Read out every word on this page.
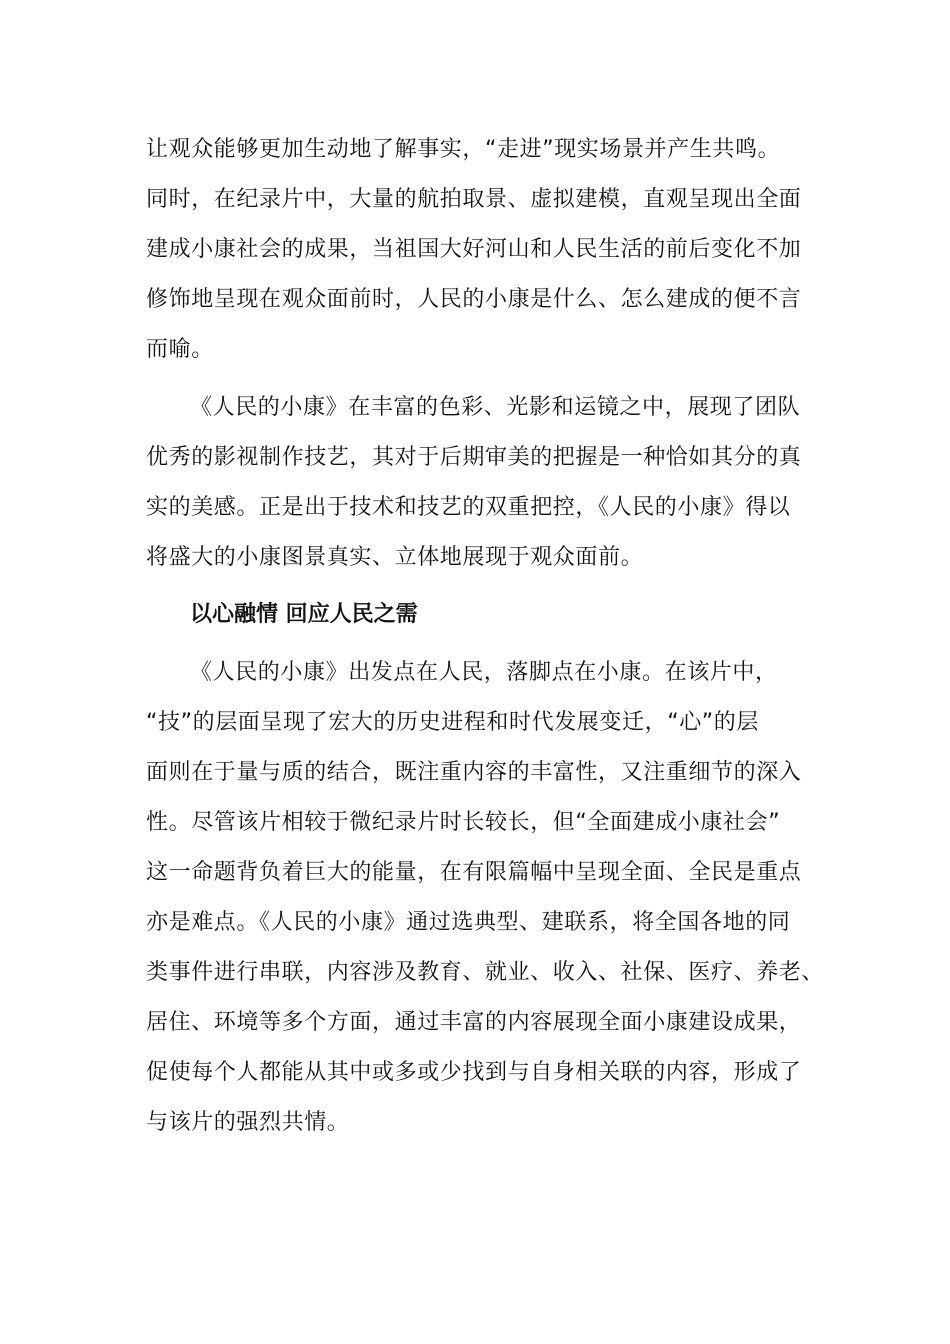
让观众能够更加生动地了解事实，“走进”现实场景并产生共鸣。
同时，在纪录片中，大量的航拍取景、虚拟建模，直观呈现出全面
建成小康社会的成果，当祖国大好河山和人民生活的前后变化不加
修饰地呈现在观众面前时，人民的小康是什么、怎么建成的便不言
而喻。
《人民的小康》在丰富的色彩、光影和运镜之中，展现了团队
优秀的影视制作技艺，其对于后期审美的把握是一种恰如其分的真
实的美感。正是出于技术和技艺的双重把控，《人民的小康》得以
将盛大的小康图景真实、立体地展现于观众面前。
以心融情 回应人民之需
《人民的小康》出发点在人民，落脚点在小康。在该片中，
“技”的层面呈现了宏大的历史进程和时代发展变迁，“心”的层
面则在于量与质的结合，既注重内容的丰富性，又注重细节的深入
性。尽管该片相较于微纪录片时长较长，但“全面建成小康社会”
这一命题背负着巨大的能量，在有限篇幅中呈现全面、全民是重点
亦是难点。《人民的小康》通过选典型、建联系，将全国各地的同
类事件进行串联，内容涉及教育、就业、收入、社保、医疗、养老、
居住、环境等多个方面，通过丰富的内容展现全面小康建设成果，
促使每个人都能从其中或多或少找到与自身相关联的内容，形成了
与该片的强烈共情。
